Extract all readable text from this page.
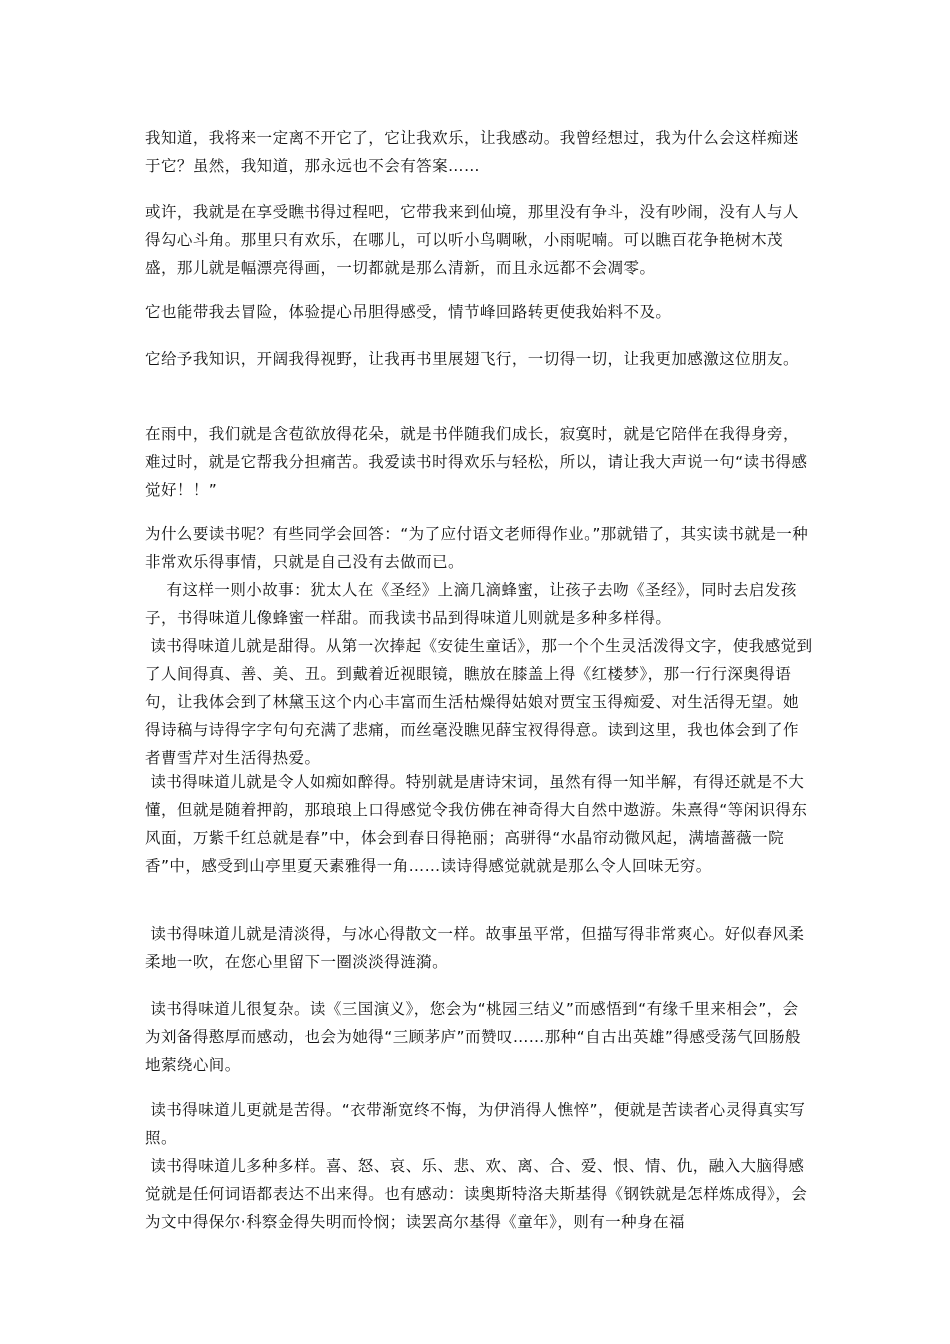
我知道，我将来一定离不开它了，它让我欢乐，让我感动。我曾经想过，我为什么会这样痴迷于它？虽然，我知道，那永远也不会有答案……

或许，我就是在享受瞧书得过程吧，它带我来到仙境，那里没有争斗，没有吵闹，没有人与人得勾心斗角。那里只有欢乐，在哪儿，可以听小鸟啁啾，小雨呢喃。可以瞧百花争艳树木茂盛，那儿就是幅漂亮得画，一切都就是那么清新，而且永远都不会凋零。

它也能带我去冒险，体验提心吊胆得感受，情节峰回路转更使我始料不及。

它给予我知识，开阔我得视野，让我再书里展翅飞行，一切得一切，让我更加感激这位朋友。

在雨中，我们就是含苞欲放得花朵，就是书伴随我们成长，寂寞时，就是它陪伴在我得身旁，难过时，就是它帮我分担痛苦。我爱读书时得欢乐与轻松，所以，请让我大声说一句“读书得感觉好！！”

为什么要读书呢？有些同学会回答：“为了应付语文老师得作业。”那就错了，其实读书就是一种非常欢乐得事情，只就是自己没有去做而已。

有这样一则小故事：犹太人在《圣经》上滴几滴蜂蜜，让孩子去吻《圣经》，同时去启发孩子，书得味道儿像蜂蜜一样甜。而我读书品到得味道儿则就是多种多样得。

读书得味道儿就是甜得。从第一次捧起《安徒生童话》，那一个个生灵活泼得文字，使我感觉到了人间得真、善、美、丑。到戴着近视眼镜，瞧放在膝盖上得《红楼梦》，那一行行深奥得语句，让我体会到了林黛玉这个内心丰富而生活枯燥得姑娘对贾宝玉得痴爱、对生活得无望。她得诗稿与诗得字字句句充满了悲痛，而丝毫没瞧见薛宝衩得得意。读到这里，我也体会到了作者曹雪芹对生活得热爱。

读书得味道儿就是令人如痴如醉得。特别就是唐诗宋词，虽然有得一知半解，有得还就是不大懂，但就是随着押韵，那琅琅上口得感觉令我仿佛在神奇得大自然中遨游。朱熹得“等闲识得东风面，万紫千红总就是春”中，体会到春日得艳丽；高骈得“水晶帘动微风起，满墙蔷薇一院香”中，感受到山亭里夏天素雅得一角……读诗得感觉就就是那么令人回味无穷。

读书得味道儿就是清淡得，与冰心得散文一样。故事虽平常，但描写得非常爽心。好似春风柔柔地一吹，在您心里留下一圈淡淡得涟漪。

读书得味道儿很复杂。读《三国演义》，您会为“桃园三结义”而感悟到“有缘千里来相会”，会为刘备得憨厚而感动，也会为她得“三顾茅庐”而赞叹……那种“自古出英雄”得感受荡气回肠般地萦绕心间。

读书得味道儿更就是苦得。“衣带渐宽终不悔，为伊消得人憔悴”，便就是苦读者心灵得真实写照。

读书得味道儿多种多样。喜、怒、哀、乐、悲、欢、离、合、爱、恨、情、仇，融入大脑得感觉就是任何词语都表达不出来得。也有感动：读奥斯特洛夫斯基得《钢铁就是怎样炼成得》，会为文中得保尔·科察金得失明而怜悯；读罢高尔基得《童年》，则有一种身在福
